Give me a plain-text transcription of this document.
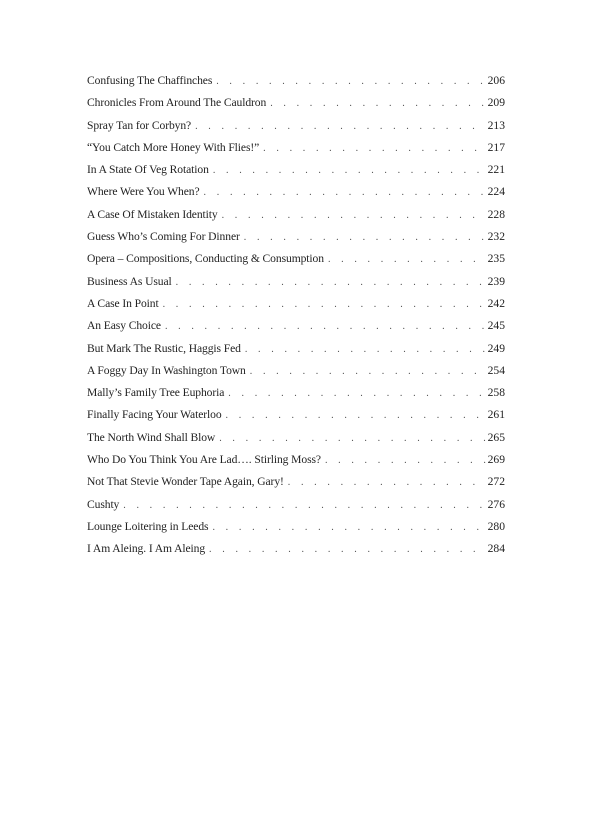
Confusing The Chaffinches . . .	206
Chronicles From Around The Cauldron . . .	209
Spray Tan for Corbyn? . . .	213
“You Catch More Honey With Flies!” . . .	217
In A State Of Veg Rotation . . .	221
Where Were You When? . . .	224
A Case Of Mistaken Identity . . .	228
Guess Who’s Coming For Dinner . . .	232
Opera – Compositions, Conducting & Consumption . . .	235
Business As Usual . . .	239
A Case In Point . . .	242
An Easy Choice . . .	245
But Mark The Rustic, Haggis Fed . . .	249
A Foggy Day In Washington Town . . .	254
Mally’s Family Tree Euphoria . . .	258
Finally Facing Your Waterloo . . .	261
The North Wind Shall Blow . . .	265
Who Do You Think You Are Lad…. Stirling Moss? . . .	269
Not That Stevie Wonder Tape Again, Gary! . . .	272
Cushty . . .	276
Lounge Loitering in Leeds . . .	280
I Am Aleing. I Am Aleing . . .	284
